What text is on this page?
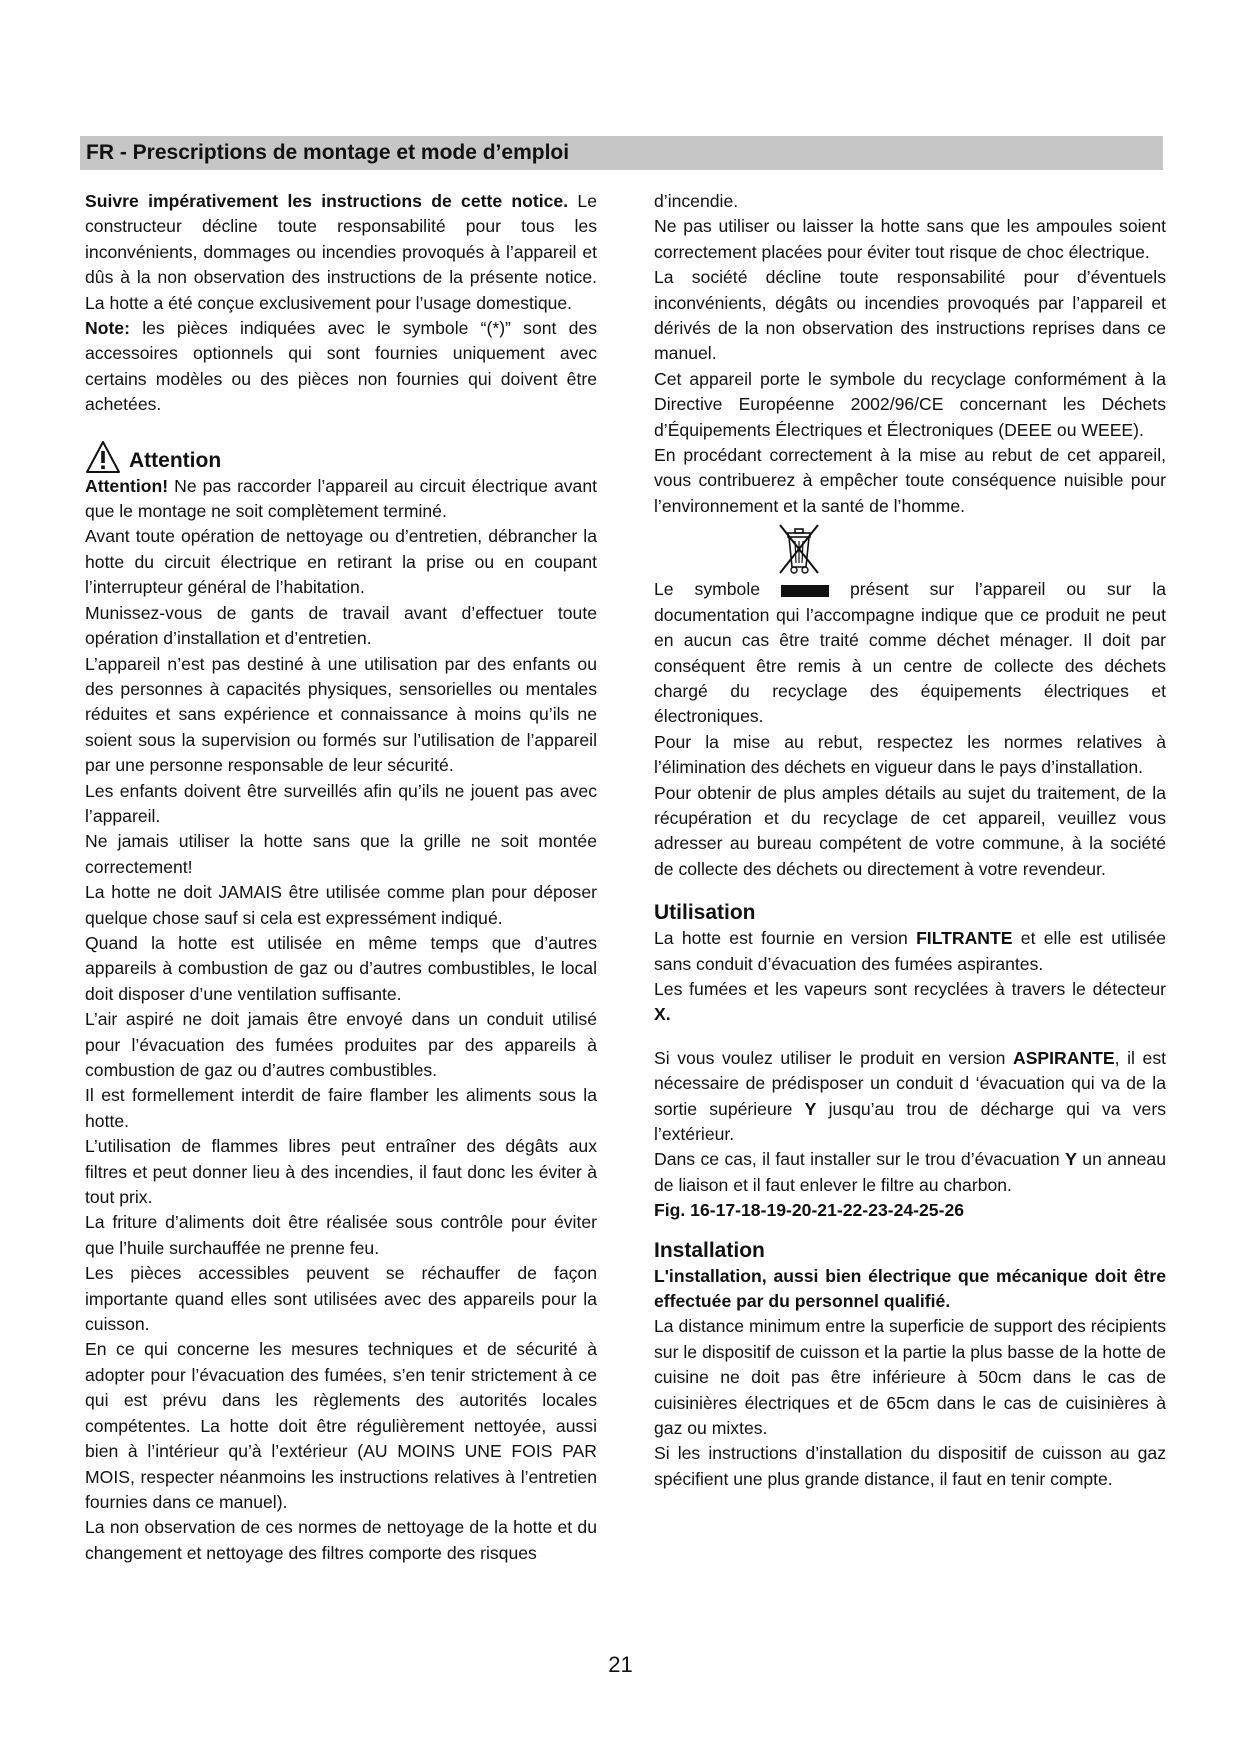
FR - Prescriptions de montage et mode d’emploi

Suivre impérativement les instructions de cette notice. Le constructeur décline toute responsabilité pour tous les inconvénients, dommages ou incendies provoqués à l’appareil et dûs à la non observation des instructions de la présente notice. La hotte a été conçue exclusivement pour l’usage domestique.

Note: les pièces indiquées avec le symbole “(*)” sont des accessoires optionnels qui sont fournies uniquement avec certains modèles ou des pièces non fournies qui doivent être achetées.

Attention

Attention! Ne pas raccorder l’appareil au circuit électrique avant que le montage ne soit complètement terminé.

Avant toute opération de nettoyage ou d’entretien, débrancher la hotte du circuit électrique en retirant la prise ou en coupant l’interrupteur général de l’habitation.

Munissez-vous de gants de travail avant d’effectuer toute opération d’installation et d’entretien.

L’appareil n’est pas destiné à une utilisation par des enfants ou des personnes à capacités physiques, sensorielles ou mentales réduites et sans expérience et connaissance à moins qu’ils ne soient sous la supervision ou formés sur l’utilisation de l’appareil par une personne responsable de leur sécurité.

Les enfants doivent être surveillés afin qu’ils ne jouent pas avec l’appareil.

Ne jamais utiliser la hotte sans que la grille ne soit montée correctement!

La hotte ne doit JAMAIS être utilisée comme plan pour déposer quelque chose sauf si cela est expressément indiqué.

Quand la hotte est utilisée en même temps que d’autres appareils à combustion de gaz ou d’autres combustibles, le local doit disposer d’une ventilation suffisante.

L’air aspiré ne doit jamais être envoyé dans un conduit utilisé pour l’évacuation des fumées produites par des appareils à combustion de gaz ou d’autres combustibles.

Il est formellement interdit de faire flamber les aliments sous la hotte.

L’utilisation de flammes libres peut entraîner des dégâts aux filtres et peut donner lieu à des incendies, il faut donc les éviter à tout prix.

La friture d’aliments doit être réalisée sous contrôle pour éviter que l’huile surchauffée ne prenne feu.

Les pièces accessibles peuvent se réchauffer de façon importante quand elles sont utilisées avec des appareils pour la cuisson.

En ce qui concerne les mesures techniques et de sécurité à adopter pour l’évacuation des fumées, s’en tenir strictement à ce qui est prévu dans les règlements des autorités locales compétentes. La hotte doit être régulièrement nettoyée, aussi bien à l’intérieur qu’à l’extérieur (AU MOINS UNE FOIS PAR MOIS, respecter néanmoins les instructions relatives à l’entretien fournies dans ce manuel).

La non observation de ces normes de nettoyage de la hotte et du changement et nettoyage des filtres comporte des risques

d’incendie.

Ne pas utiliser ou laisser la hotte sans que les ampoules soient correctement placées pour éviter tout risque de choc électrique.

La société décline toute responsabilité pour d’éventuels inconvénients, dégâts ou incendies provoqués par l’appareil et dérivés de la non observation des instructions reprises dans ce manuel.

Cet appareil porte le symbole du recyclage conformément à la Directive Européenne 2002/96/CE concernant les Déchets d’Équipements Électriques et Électroniques (DEEE ou WEEE).

En procédant correctement à la mise au rebut de cet appareil, vous contribuerez à empêcher toute conséquence nuisible pour l’environnement et la santé de l’homme.

Le symbole	présent sur l’appareil ou sur la

documentation qui l’accompagne indique que ce produit ne peut en aucun cas être traité comme déchet ménager. Il doit par conséquent être remis à un centre de collecte des déchets chargé du recyclage des équipements électriques et électroniques.

Pour la mise au rebut, respectez les normes relatives à l’élimination des déchets en vigueur dans le pays d’installation.

Pour obtenir de plus amples détails au sujet du traitement, de la récupération et du recyclage de cet appareil, veuillez vous adresser au bureau compétent de votre commune, à la société de collecte des déchets ou directement à votre revendeur.

Utilisation

La hotte est fournie en version FILTRANTE et elle est utilisée sans conduit d’évacuation des fumées aspirantes.

Les fumées et les vapeurs sont recyclées à travers le détecteur X.

Si vous voulez utiliser le produit en version ASPIRANTE, il est nécessaire de prédisposer un conduit d ‘évacuation qui va de la sortie supérieure Y jusqu’au trou de décharge qui va vers l’extérieur.

Dans ce cas, il faut installer sur le trou d’évacuation Y un anneau de liaison et il faut enlever le filtre au charbon.

Fig. 16-17-18-19-20-21-22-23-24-25-26

Installation

L'installation, aussi bien électrique que mécanique doit être effectuée par du personnel qualifié.

La distance minimum entre la superficie de support des récipients sur le dispositif de cuisson et la partie la plus basse de la hotte de cuisine ne doit pas être inférieure à 50cm dans le cas de cuisinières électriques et de 65cm dans le cas de cuisinières à gaz ou mixtes.

Si les instructions d’installation du dispositif de cuisson au gaz spécifient une plus grande distance, il faut en tenir compte.

21
